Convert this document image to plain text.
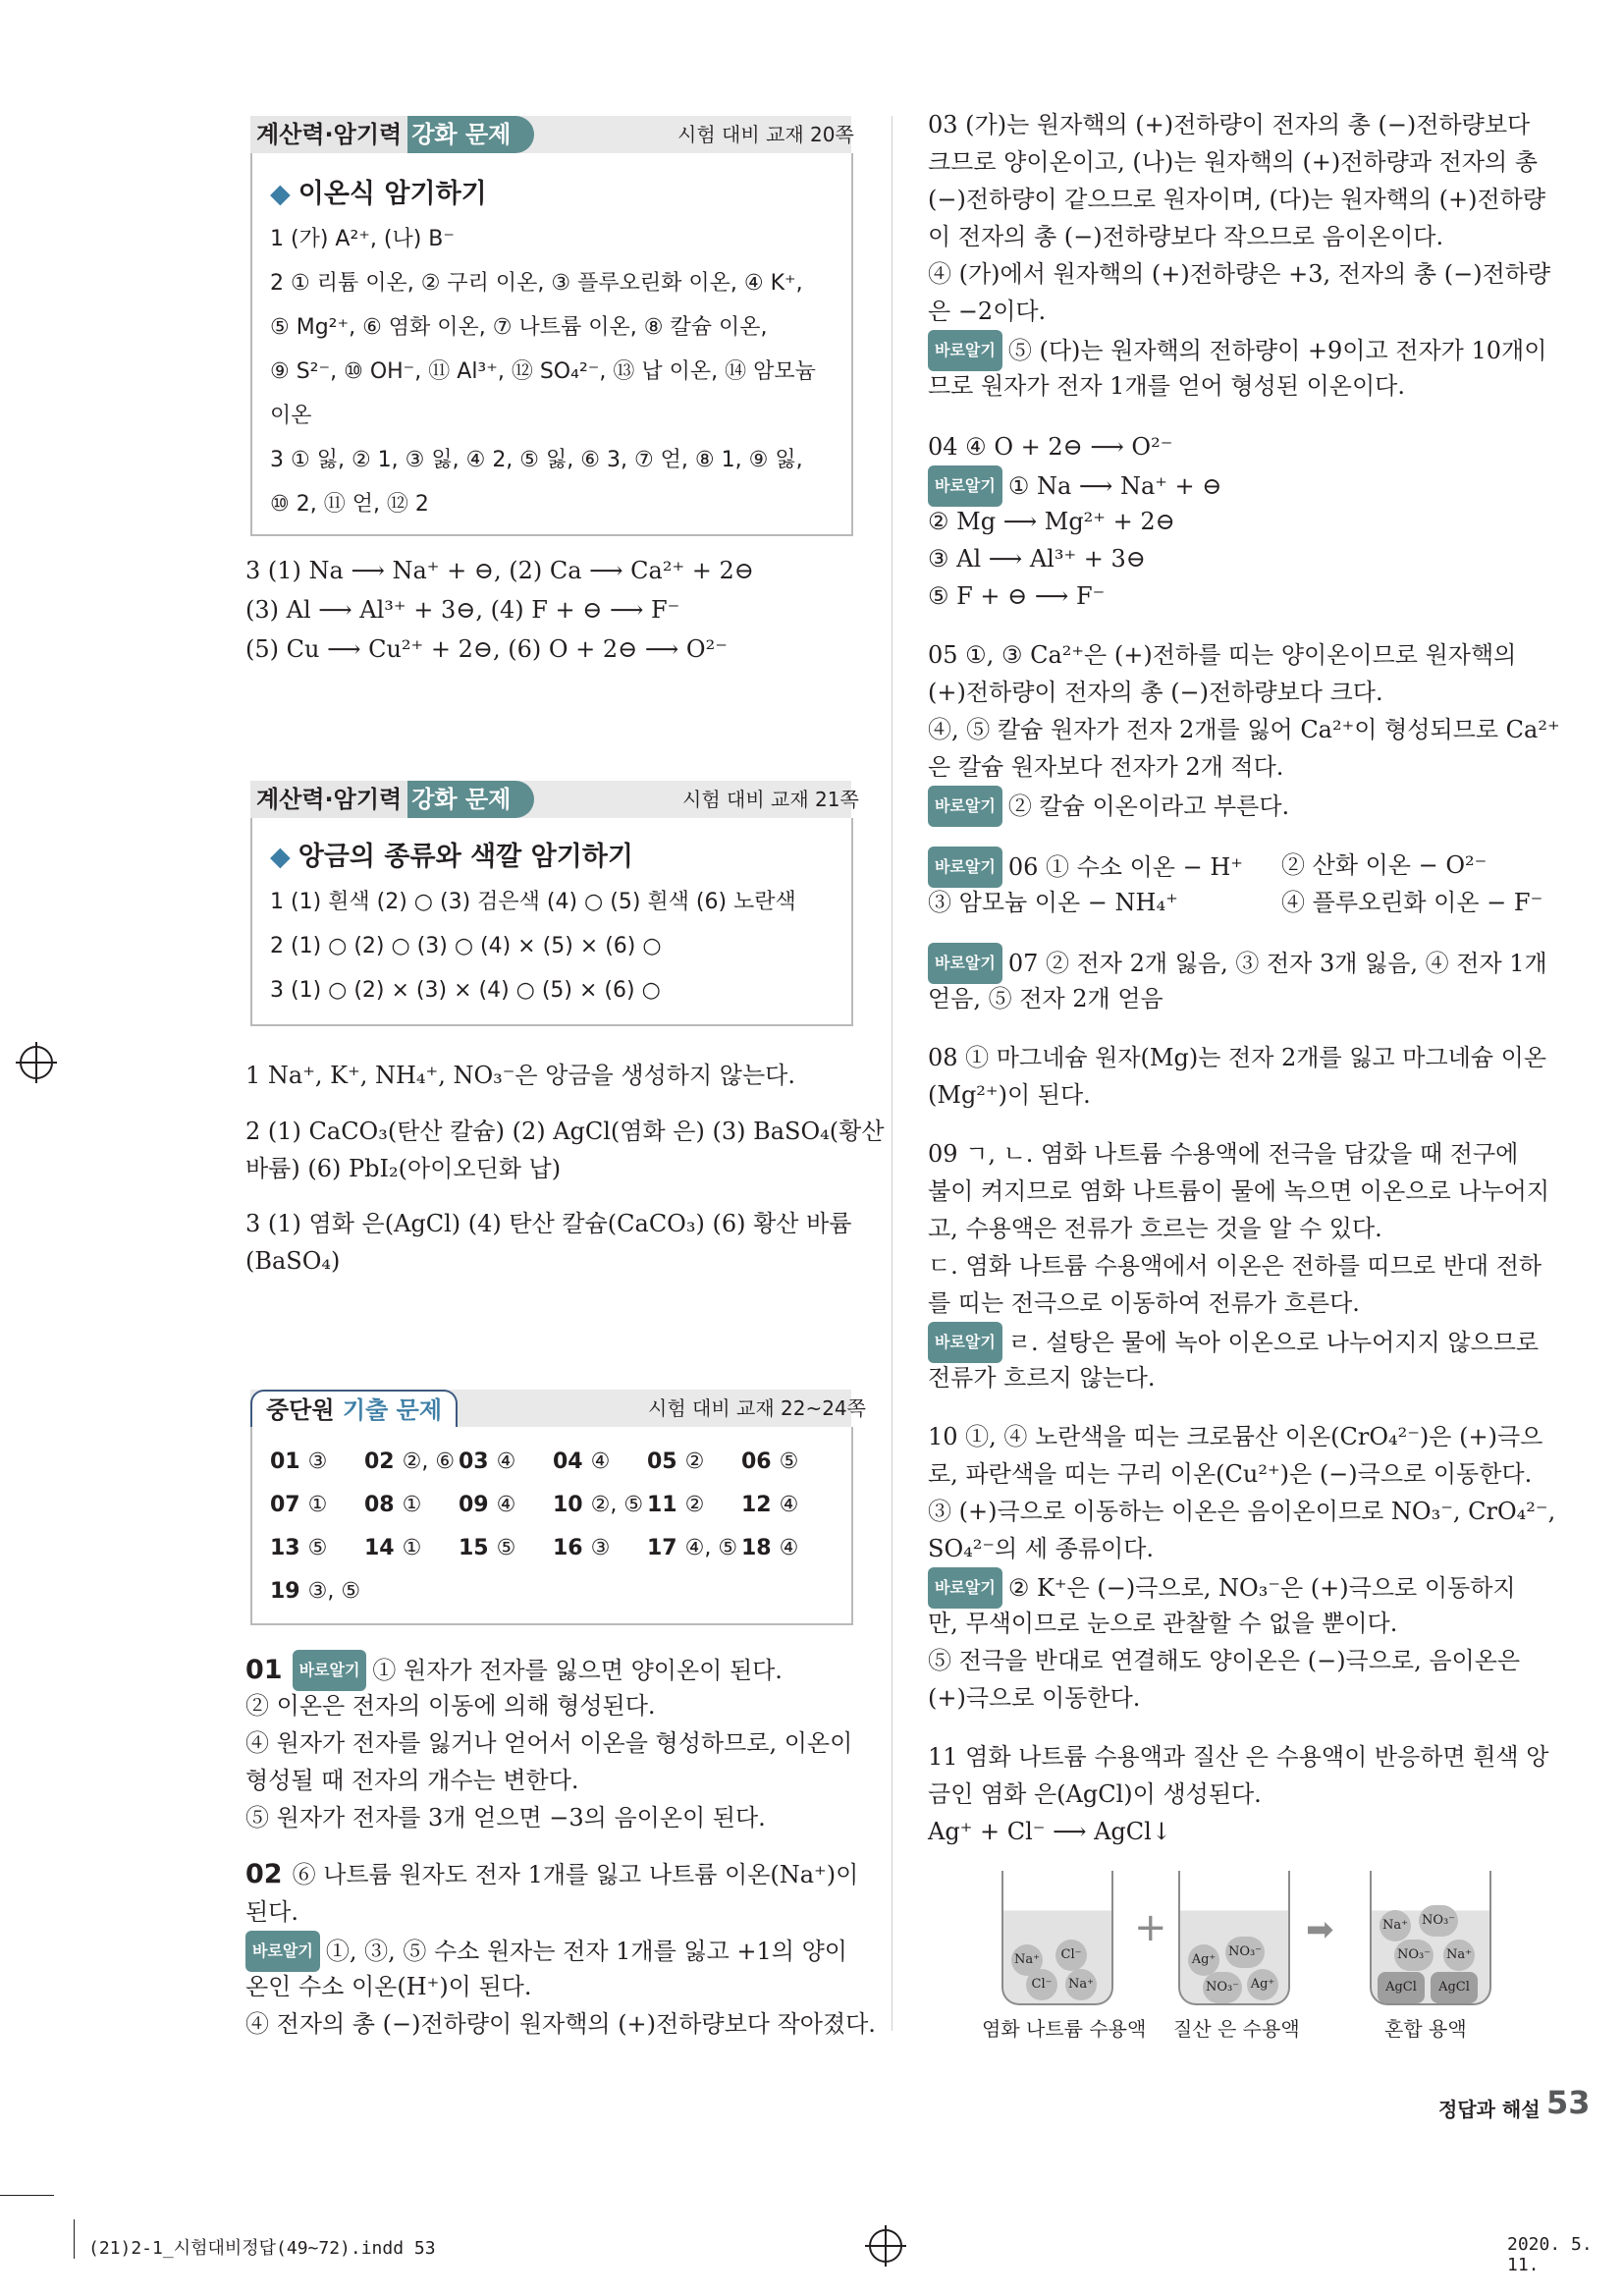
계산력·암기력 강화 문제	시험 대비 교재 20쪽
◆ 이온식 암기하기
1 (가) A²⁺, (나) B⁻
2 ① 리튬 이온, ② 구리 이온, ③ 플루오린화 이온, ④ K⁺,
⑤ Mg²⁺, ⑥ 염화 이온, ⑦ 나트륨 이온, ⑧ 칼슘 이온,
⑨ S²⁻, ⑩ OH⁻, ⑪ Al³⁺, ⑫ SO₄²⁻, ⑬ 납 이온, ⑭ 암모늄
이온
3 ① 잃, ② 1, ③ 잃, ④ 2, ⑤ 잃, ⑥ 3, ⑦ 얻, ⑧ 1, ⑨ 잃,
⑩ 2, ⑪ 얻, ⑫ 2
3 (1) Na ⟶ Na⁺ + ⊖, (2) Ca ⟶ Ca²⁺ + 2⊖
(3) Al ⟶ Al³⁺ + 3⊖, (4) F + ⊖ ⟶ F⁻
(5) Cu ⟶ Cu²⁺ + 2⊖, (6) O + 2⊖ ⟶ O²⁻
계산력·암기력 강화 문제	시험 대비 교재 21쪽
◆ 앙금의 종류와 색깔 암기하기
1 (1) 흰색 (2) ○ (3) 검은색 (4) ○ (5) 흰색 (6) 노란색
2 (1) ○ (2) ○ (3) ○ (4) × (5) × (6) ○
3 (1) ○ (2) × (3) × (4) ○ (5) × (6) ○
1 Na⁺, K⁺, NH₄⁺, NO₃⁻은 앙금을 생성하지 않는다.
2 (1) CaCO₃(탄산 칼슘) (2) AgCl(염화 은) (3) BaSO₄(황산
바륨) (6) PbI₂(아이오딘화 납)
3 (1) 염화 은(AgCl) (4) 탄산 칼슘(CaCO₃) (6) 황산 바륨
(BaSO₄)
중단원 기출 문제	시험 대비 교재 22~24쪽
01 ③ 02 ②, ⑥ 03 ④ 04 ④ 05 ② 06 ⑤
07 ① 08 ① 09 ④ 10 ②, ⑤ 11 ② 12 ④
13 ⑤ 14 ① 15 ⑤ 16 ③ 17 ④, ⑤ 18 ④
19 ③, ⑤
01 바로알기 ① 원자가 전자를 잃으면 양이온이 된다.
② 이온은 전자의 이동에 의해 형성된다.
④ 원자가 전자를 잃거나 얻어서 이온을 형성하므로, 이온이
형성될 때 전자의 개수는 변한다.
⑤ 원자가 전자를 3개 얻으면 −3의 음이온이 된다.
02 ⑥ 나트륨 원자도 전자 1개를 잃고 나트륨 이온(Na⁺)이
된다.
바로알기 ①, ③, ⑤ 수소 원자는 전자 1개를 잃고 +1의 양이
온인 수소 이온(H⁺)이 된다.
④ 전자의 총 (−)전하량이 원자핵의 (+)전하량보다 작아졌다.
03 (가)는 원자핵의 (+)전하량이 전자의 총 (−)전하량보다
크므로 양이온이고, (나)는 원자핵의 (+)전하량과 전자의 총
(−)전하량이 같으므로 원자이며, (다)는 원자핵의 (+)전하량
이 전자의 총 (−)전하량보다 작으므로 음이온이다.
④ (가)에서 원자핵의 (+)전하량은 +3, 전자의 총 (−)전하량
은 −2이다.
바로알기 ⑤ (다)는 원자핵의 전하량이 +9이고 전자가 10개이
므로 원자가 전자 1개를 얻어 형성된 이온이다.
04 ④ O + 2⊖ ⟶ O²⁻
바로알기 ① Na ⟶ Na⁺ + ⊖
② Mg ⟶ Mg²⁺ + 2⊖
③ Al ⟶ Al³⁺ + 3⊖
⑤ F + ⊖ ⟶ F⁻
05 ①, ③ Ca²⁺은 (+)전하를 띠는 양이온이므로 원자핵의
(+)전하량이 전자의 총 (−)전하량보다 크다.
④, ⑤ 칼슘 원자가 전자 2개를 잃어 Ca²⁺이 형성되므로 Ca²⁺
은 칼슘 원자보다 전자가 2개 적다.
바로알기 ② 칼슘 이온이라고 부른다.
바로알기 06 ① 수소 이온 − H⁺ ② 산화 이온 − O²⁻
③ 암모늄 이온 − NH₄⁺	④ 플루오린화 이온 − F⁻
바로알기 07 ② 전자 2개 잃음, ③ 전자 3개 잃음, ④ 전자 1개
얻음, ⑤ 전자 2개 얻음
08 ① 마그네슘 원자(Mg)는 전자 2개를 잃고 마그네슘 이온
(Mg²⁺)이 된다.
09 ㄱ, ㄴ. 염화 나트륨 수용액에 전극을 담갔을 때 전구에
불이 켜지므로 염화 나트륨이 물에 녹으면 이온으로 나누어지
고, 수용액은 전류가 흐르는 것을 알 수 있다.
ㄷ. 염화 나트륨 수용액에서 이온은 전하를 띠므로 반대 전하
를 띠는 전극으로 이동하여 전류가 흐른다.
바로알기 ㄹ. 설탕은 물에 녹아 이온으로 나누어지지 않으므로
전류가 흐르지 않는다.
10 ①, ④ 노란색을 띠는 크로뮴산 이온(CrO₄²⁻)은 (+)극으
로, 파란색을 띠는 구리 이온(Cu²⁺)은 (−)극으로 이동한다.
③ (+)극으로 이동하는 이온은 음이온이므로 NO₃⁻, CrO₄²⁻,
SO₄²⁻의 세 종류이다.
바로알기 ② K⁺은 (−)극으로, NO₃⁻은 (+)극으로 이동하지
만, 무색이므로 눈으로 관찰할 수 없을 뿐이다.
⑤ 전극을 반대로 연결해도 양이온은 (−)극으로, 음이온은
(+)극으로 이동한다.
11 염화 나트륨 수용액과 질산 은 수용액이 반응하면 흰색 앙
금인 염화 은(AgCl)이 생성된다.
Ag⁺ + Cl⁻ ⟶ AgCl↓
Na⁺	Cl⁻
Cl⁻	Na⁺
+
Ag⁺
NO₃⁻
NO₃⁻ Ag⁺
➡	Na⁺ NO₃⁻
NO₃⁻ Na⁺
AgCl	AgCl
염화 나트륨 수용액 질산 은 수용액	혼합 용액
정답과 해설 53
(21)2-1_시험대비정답(49~72).indd 53	2020. 5. 11.
